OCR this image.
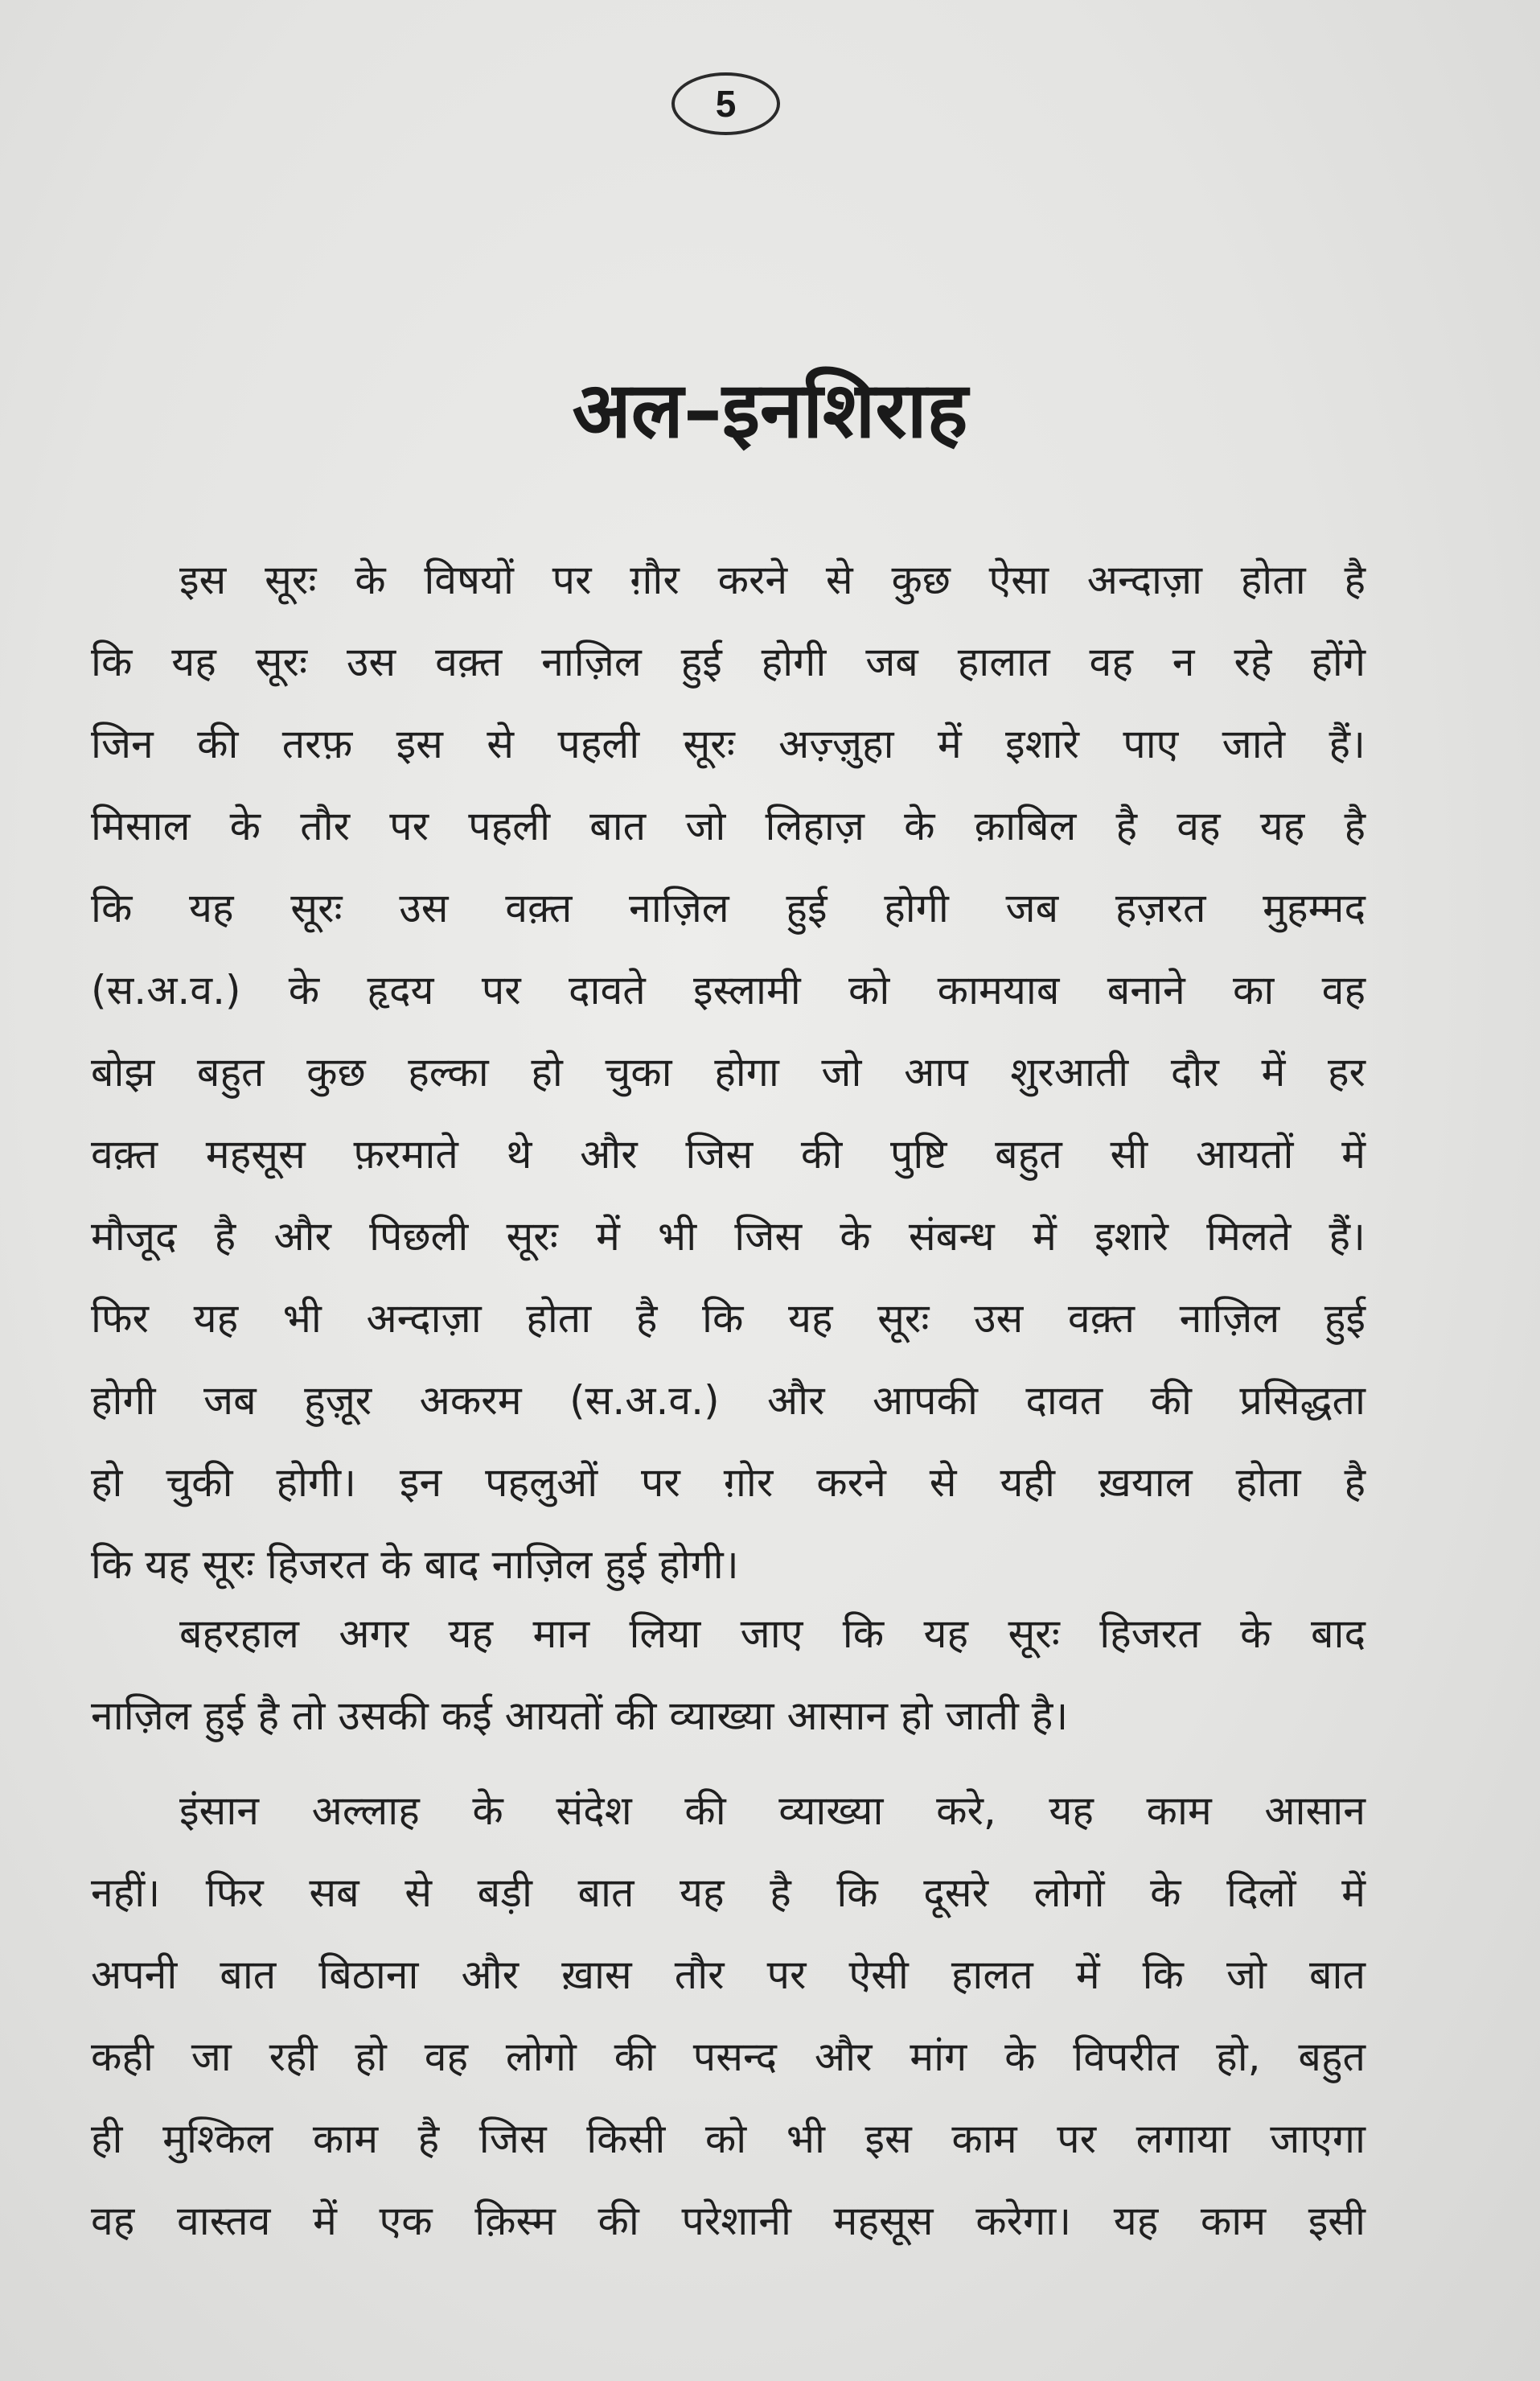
5
अल–इनशिराह
इस सूरः के विषयों पर ग़ौर करने से कुछ ऐसा अन्दाज़ा होता है
कि यह सूरः उस वक़्त नाज़िल हुई होगी जब हालात वह न रहे होंगे
जिन की तरफ़ इस से पहली सूरः अज़्ज़ुहा में इशारे पाए जाते हैं।
मिसाल के तौर पर पहली बात जो लिहाज़ के क़ाबिल है वह यह है
कि यह सूरः उस वक़्त नाज़िल हुई होगी जब हज़रत मुहम्मद
(स.अ.व.) के हृदय पर दावते इस्लामी को कामयाब बनाने का वह
बोझ बहुत कुछ हल्का हो चुका होगा जो आप शुरआती दौर में हर
वक़्त महसूस फ़रमाते थे और जिस की पुष्टि बहुत सी आयतों में
मौजूद है और पिछली सूरः में भी जिस के संबन्ध में इशारे मिलते हैं।
फिर यह भी अन्दाज़ा होता है कि यह सूरः उस वक़्त नाज़िल हुई
होगी जब हुज़ूर अकरम (स.अ.व.) और आपकी दावत की प्रसिद्धता
हो चुकी होगी। इन पहलुओं पर ग़ोर करने से यही ख़याल होता है
कि यह सूरः हिजरत के बाद नाज़िल हुई होगी।
बहरहाल अगर यह मान लिया जाए कि यह सूरः हिजरत के बाद
नाज़िल हुई है तो उसकी कई आयतों की व्याख्या आसान हो जाती है।
इंसान अल्लाह के संदेश की व्याख्या करे, यह काम आसान
नहीं। फिर सब से बड़ी बात यह है कि दूसरे लोगों के दिलों में
अपनी बात बिठाना और ख़ास तौर पर ऐसी हालत में कि जो बात
कही जा रही हो वह लोगो की पसन्द और मांग के विपरीत हो, बहुत
ही मुश्किल काम है जिस किसी को भी इस काम पर लगाया जाएगा
वह वास्तव में एक क़िस्म की परेशानी महसूस करेगा। यह काम इसी
